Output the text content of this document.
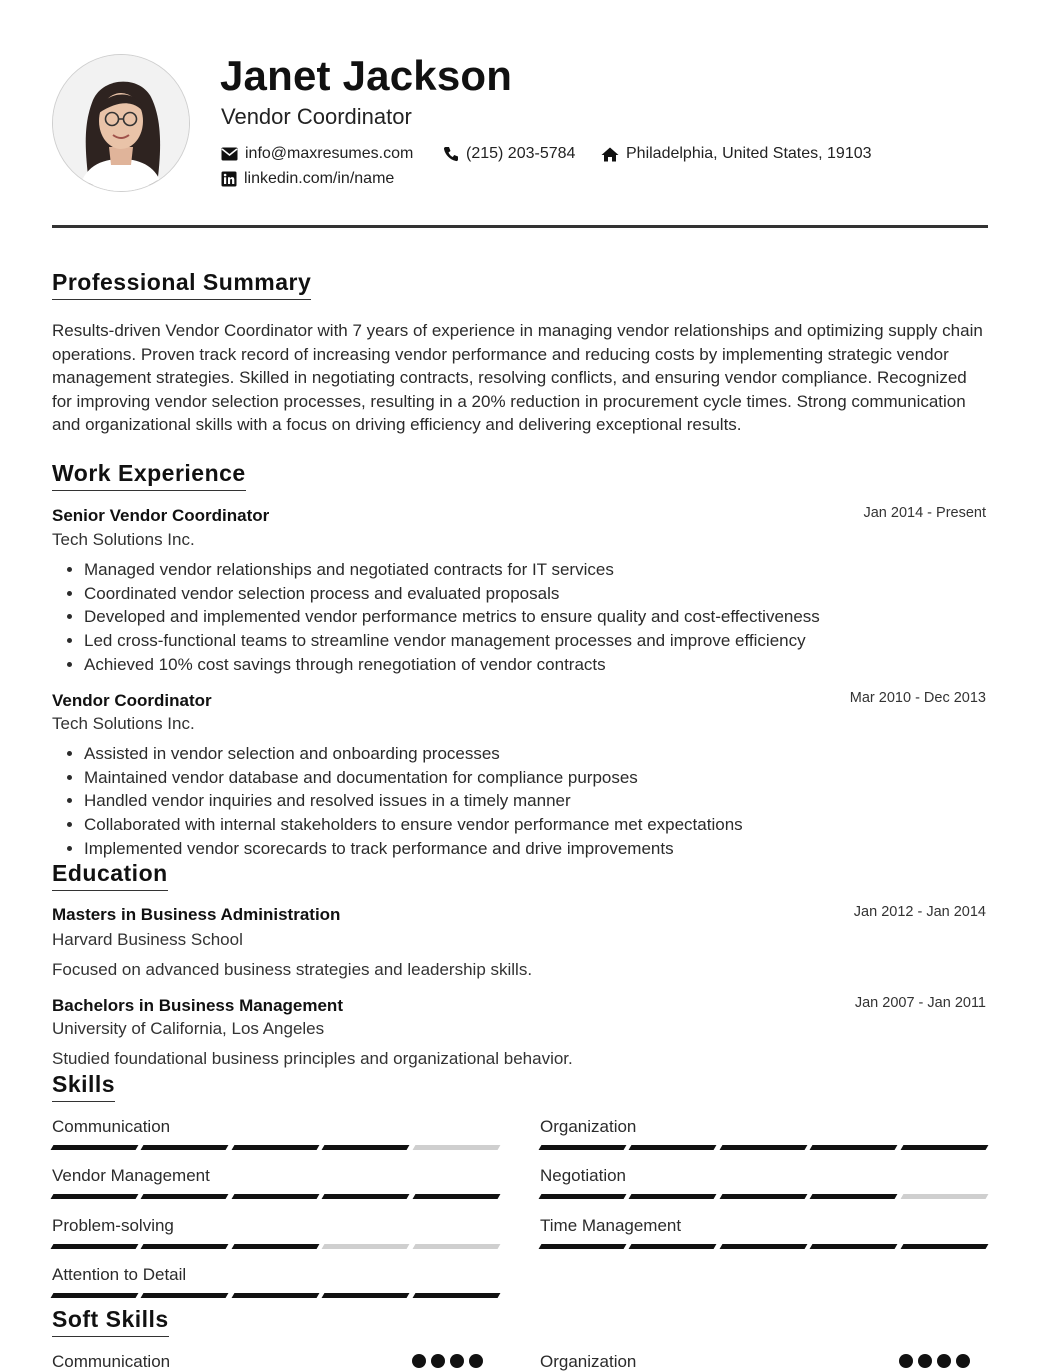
Janet Jackson
Vendor Coordinator
info@maxresumes.com	(215) 203-5784	Philadelphia, United States, 19103
linkedin.com/in/name
Professional Summary
Results-driven Vendor Coordinator with 7 years of experience in managing vendor relationships and optimizing supply chain operations. Proven track record of increasing vendor performance and reducing costs by implementing strategic vendor management strategies. Skilled in negotiating contracts, resolving conflicts, and ensuring vendor compliance. Recognized for improving vendor selection processes, resulting in a 20% reduction in procurement cycle times. Strong communication and organizational skills with a focus on driving efficiency and delivering exceptional results.
Work Experience
Senior Vendor Coordinator	Jan 2014 - Present
Tech Solutions Inc.
• Managed vendor relationships and negotiated contracts for IT services
• Coordinated vendor selection process and evaluated proposals
• Developed and implemented vendor performance metrics to ensure quality and cost-effectiveness
• Led cross-functional teams to streamline vendor management processes and improve efficiency
• Achieved 10% cost savings through renegotiation of vendor contracts
Vendor Coordinator	Mar 2010 - Dec 2013
Tech Solutions Inc.
• Assisted in vendor selection and onboarding processes
• Maintained vendor database and documentation for compliance purposes
• Handled vendor inquiries and resolved issues in a timely manner
• Collaborated with internal stakeholders to ensure vendor performance met expectations
• Implemented vendor scorecards to track performance and drive improvements
Education
Masters in Business Administration	Jan 2012 - Jan 2014
Harvard Business School
Focused on advanced business strategies and leadership skills.
Bachelors in Business Management	Jan 2007 - Jan 2011
University of California, Los Angeles
Studied foundational business principles and organizational behavior.
Skills
Communication	Organization
Vendor Management	Negotiation
Problem-solving	Time Management
Attention to Detail
Soft Skills
Communication	Organization
